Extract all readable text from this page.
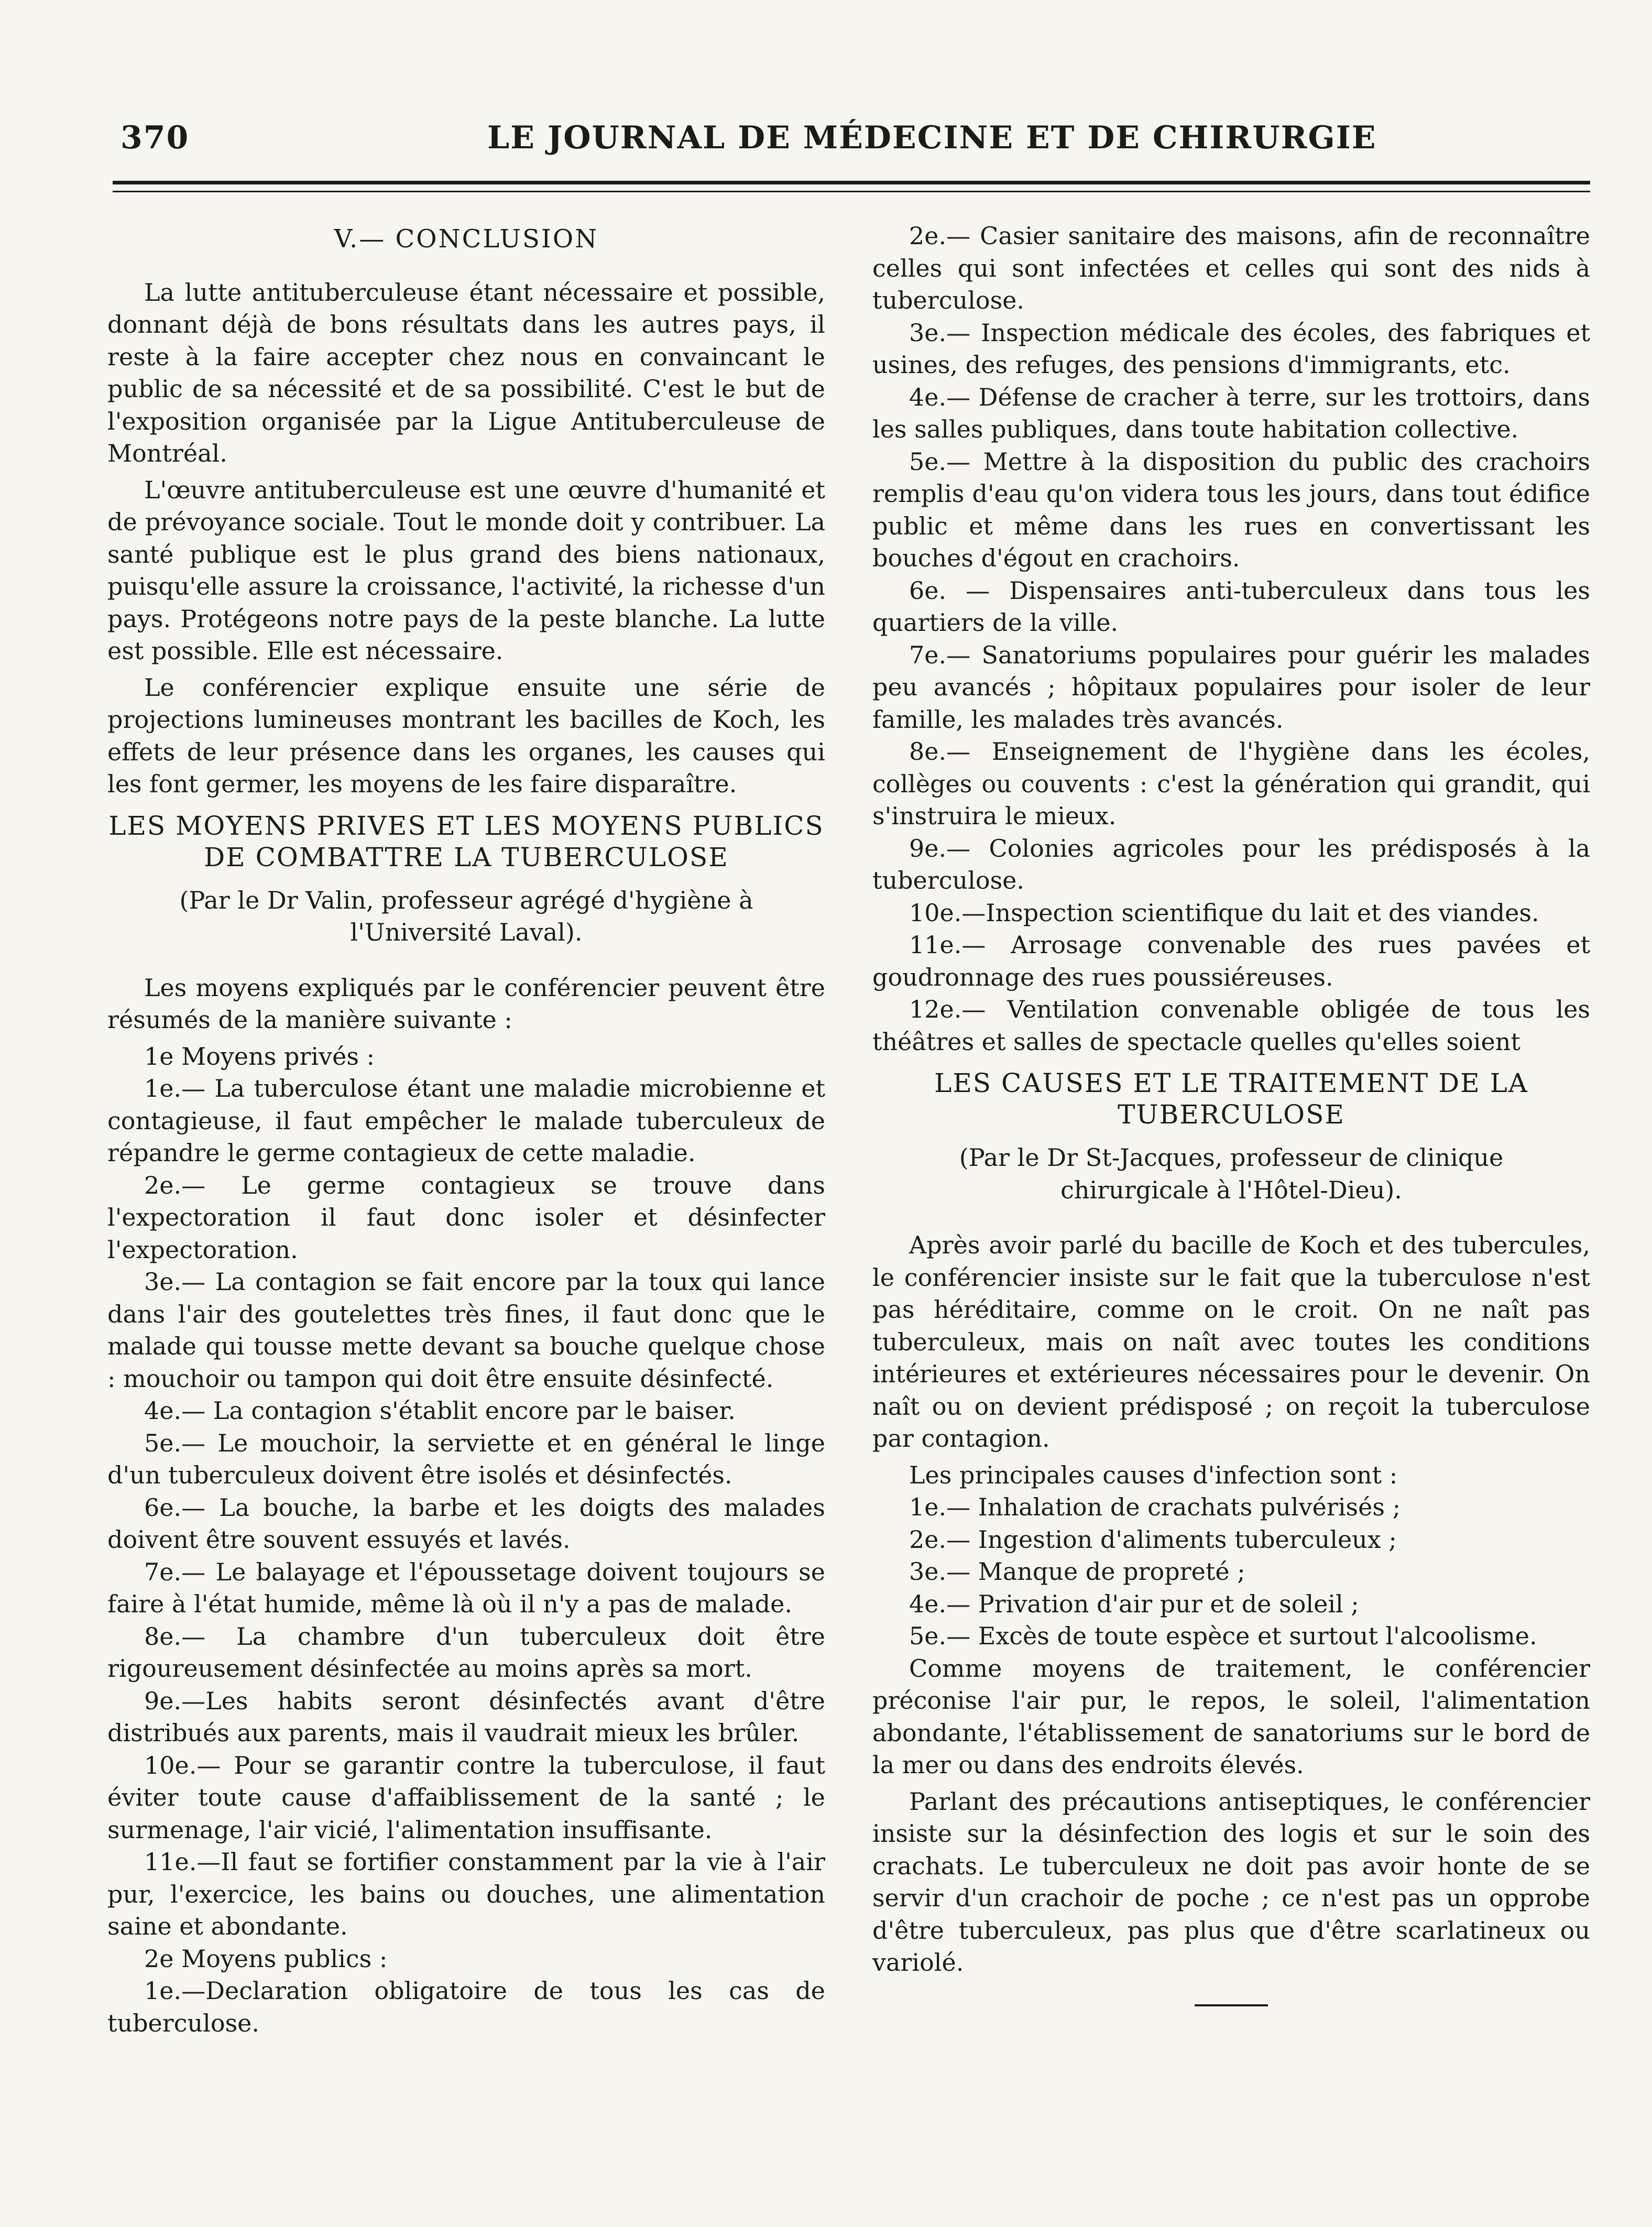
370	LE JOURNAL DE MÉDECINE ET DE CHIRURGIE
V.— CONCLUSION

La lutte antituberculeuse étant nécessaire et possible, donnant déjà de bons résultats dans les autres pays, il reste à la faire accepter chez nous en convaincant le public de sa nécessité et de sa possibilité. C'est le but de l'exposition organisée par la Ligue Antituberculeuse de Montréal.

L'œuvre antituberculeuse est une œuvre d'humanité et de prévoyance sociale. Tout le monde doit y contribuer. La santé publique est le plus grand des biens nationaux, puisqu'elle assure la croissance, l'activité, la richesse d'un pays. Protégeons notre pays de la peste blanche. La lutte est possible. Elle est nécessaire.

Le conférencier explique ensuite une série de projections lumineuses montrant les bacilles de Koch, les effets de leur présence dans les organes, les causes qui les font germer, les moyens de les faire disparaître.

LES MOYENS PRIVES ET LES MOYENS PUBLICS DE COMBATTRE LA TUBERCULOSE
(Par le Dr Valin, professeur agrégé d'hygiène à l'Université Laval).

Les moyens expliqués par le conférencier peuvent être résumés de la manière suivante :

1e Moyens privés :

1e.— La tuberculose étant une maladie microbienne et contagieuse, il faut empêcher le malade tuberculeux de répandre le germe contagieux de cette maladie.

2e.— Le germe contagieux se trouve dans l'expectoration il faut donc isoler et désinfecter l'expectoration.

3e.— La contagion se fait encore par la toux qui lance dans l'air des goutelettes très fines, il faut donc que le malade qui tousse mette devant sa bouche quelque chose : mouchoir ou tampon qui doit être ensuite désinfecté.

4e.— La contagion s'établit encore par le baiser.

5e.— Le mouchoir, la serviette et en général le linge d'un tuberculeux doivent être isolés et désinfectés.

6e.— La bouche, la barbe et les doigts des malades doivent être souvent essuyés et lavés.

7e.— Le balayage et l'époussetage doivent toujours se faire à l'état humide, même là où il n'y a pas de malade.

8e.— La chambre d'un tuberculeux doit être rigoureusement désinfectée au moins après sa mort.

9e.—Les habits seront désinfectés avant d'être distribués aux parents, mais il vaudrait mieux les brûler.

10e.— Pour se garantir contre la tuberculose, il faut éviter toute cause d'affaiblissement de la santé ; le surmenage, l'air vicié, l'alimentation insuffisante.

11e.—Il faut se fortifier constamment par la vie à l'air pur, l'exercice, les bains ou douches, une alimentation saine et abondante.

2e Moyens publics :

1e.—Declaration obligatoire de tous les cas de tuberculose.

2e.— Casier sanitaire des maisons, afin de reconnaître celles qui sont infectées et celles qui sont des nids à tuberculose.

3e.— Inspection médicale des écoles, des fabriques et usines, des refuges, des pensions d'immigrants, etc.

4e.— Défense de cracher à terre, sur les trottoirs, dans les salles publiques, dans toute habitation collective.

5e.— Mettre à la disposition du public des crachoirs remplis d'eau qu'on videra tous les jours, dans tout édifice public et même dans les rues en convertissant les bouches d'égout en crachoirs.

6e. — Dispensaires anti-tuberculeux dans tous les quartiers de la ville.

7e.— Sanatoriums populaires pour guérir les malades peu avancés ; hôpitaux populaires pour isoler de leur famille, les malades très avancés.

8e.— Enseignement de l'hygiène dans les écoles, collèges ou couvents : c'est la génération qui grandit, qui s'instruira le mieux.

9e.— Colonies agricoles pour les prédisposés à la tuberculose.

10e.—Inspection scientifique du lait et des viandes.

11e.— Arrosage convenable des rues pavées et goudronnage des rues poussiéreuses.

12e.— Ventilation convenable obligée de tous les théâtres et salles de spectacle quelles qu'elles soient

LES CAUSES ET LE TRAITEMENT DE LA TUBERCULOSE
(Par le Dr St-Jacques, professeur de clinique chirurgicale à l'Hôtel-Dieu).

Après avoir parlé du bacille de Koch et des tubercules, le conférencier insiste sur le fait que la tuberculose n'est pas héréditaire, comme on le croit. On ne naît pas tuberculeux, mais on naît avec toutes les conditions intérieures et extérieures nécessaires pour le devenir. On naît ou on devient prédisposé ; on reçoit la tuberculose par contagion.

Les principales causes d'infection sont :

1e.— Inhalation de crachats pulvérisés ;

2e.— Ingestion d'aliments tuberculeux ;

3e.— Manque de propreté ;

4e.— Privation d'air pur et de soleil ;

5e.— Excès de toute espèce et surtout l'alcoolisme.

Comme moyens de traitement, le conférencier préconise l'air pur, le repos, le soleil, l'alimentation abondante, l'établissement de sanatoriums sur le bord de la mer ou dans des endroits élevés.

Parlant des précautions antiseptiques, le conférencier insiste sur la désinfection des logis et sur le soin des crachats. Le tuberculeux ne doit pas avoir honte de se servir d'un crachoir de poche ; ce n'est pas un opprobe d'être tuberculeux, pas plus que d'être scarlatineux ou variolé.
